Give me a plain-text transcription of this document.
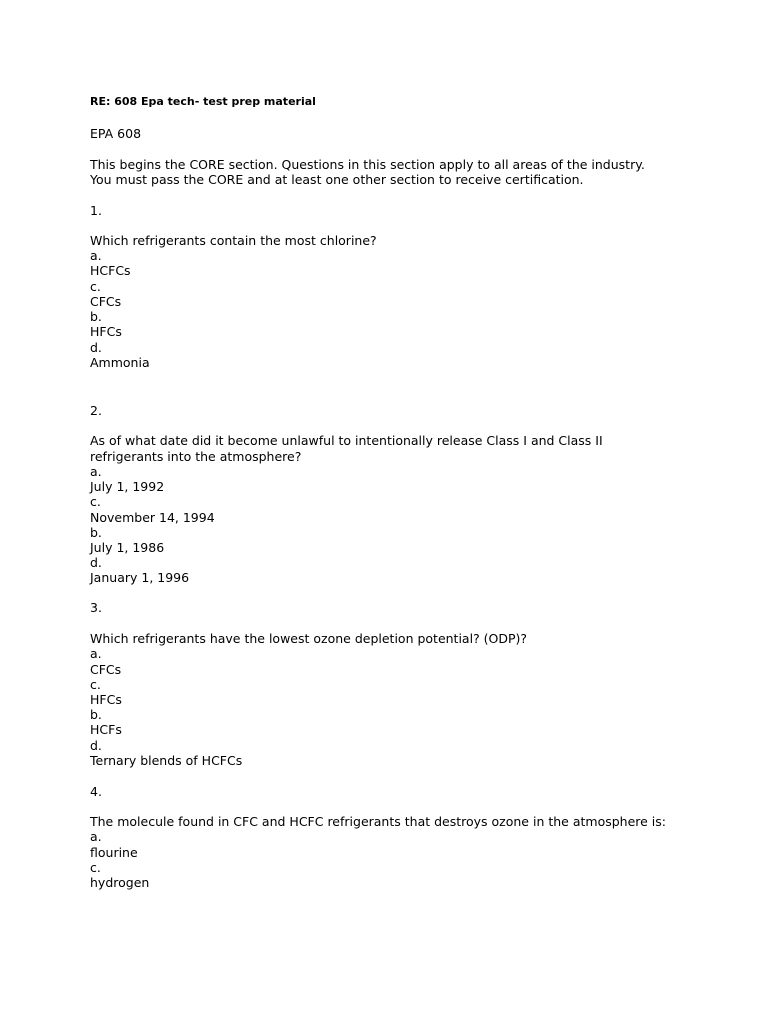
RE: 608 Epa tech- test prep material
EPA 608
This begins the CORE section. Questions in this section apply to all areas of the industry.
You must pass the CORE and at least one other section to receive certification.
1.
Which refrigerants contain the most chlorine?
a.
HCFCs
c.
CFCs
b.
HFCs
d.
Ammonia
2.
As of what date did it become unlawful to intentionally release Class I and Class II
refrigerants into the atmosphere?
a.
July 1, 1992
c.
November 14, 1994
b.
July 1, 1986
d.
January 1, 1996
3.
Which refrigerants have the lowest ozone depletion potential? (ODP)?
a.
CFCs
c.
HFCs
b.
HCFs
d.
Ternary blends of HCFCs
4.
The molecule found in CFC and HCFC refrigerants that destroys ozone in the atmosphere is:
a.
flourine
c.
hydrogen
